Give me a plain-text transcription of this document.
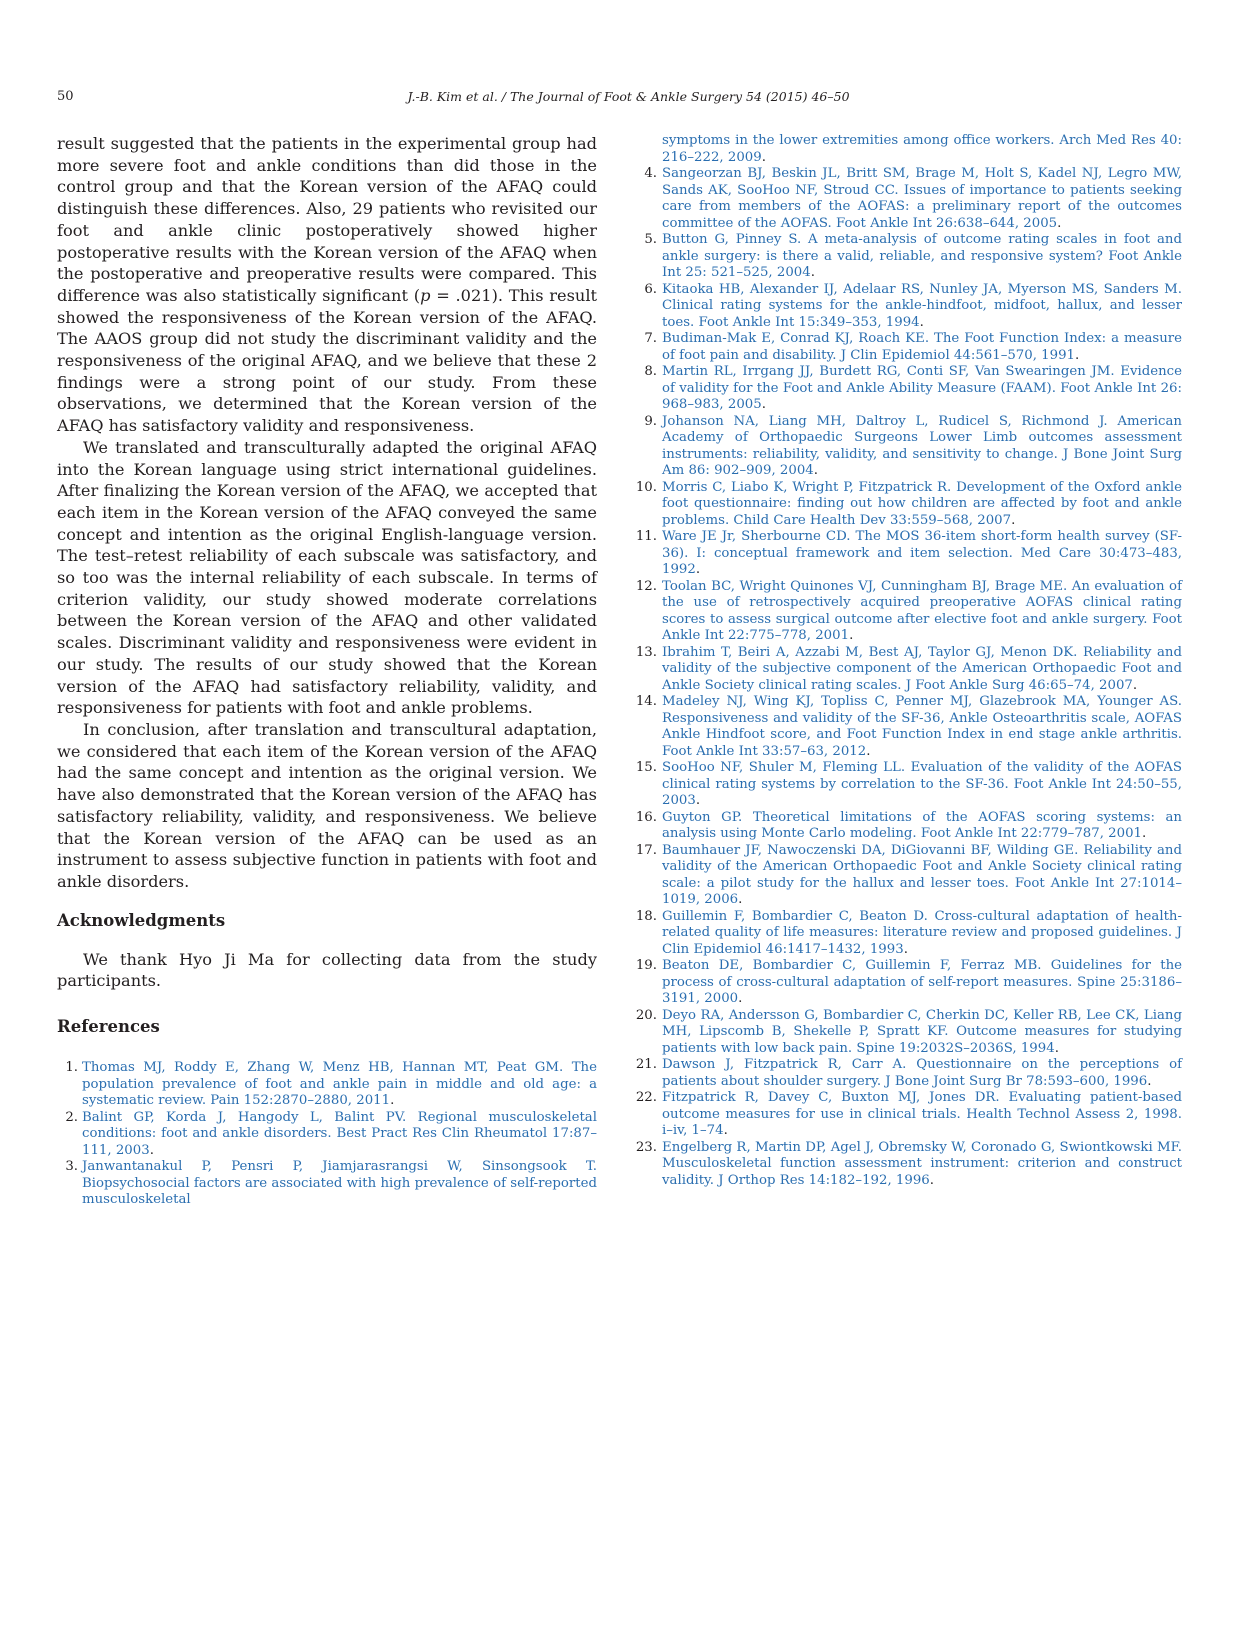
50	J.-B. Kim et al. / The Journal of Foot & Ankle Surgery 54 (2015) 46–50

result suggested that the patients in the experimental group had more severe foot and ankle conditions than did those in the control group and that the Korean version of the AFAQ could distinguish these differences. Also, 29 patients who revisited our foot and ankle clinic postoperatively showed higher postoperative results with the Korean version of the AFAQ when the postoperative and preoperative results were compared. This difference was also statistically significant (p = .021). This result showed the responsiveness of the Korean version of the AFAQ. The AAOS group did not study the discriminant validity and the responsiveness of the original AFAQ, and we believe that these 2 findings were a strong point of our study. From these observations, we determined that the Korean version of the AFAQ has satisfactory validity and responsiveness.

We translated and transculturally adapted the original AFAQ into the Korean language using strict international guidelines. After finalizing the Korean version of the AFAQ, we accepted that each item in the Korean version of the AFAQ conveyed the same concept and intention as the original English-language version. The test–retest reliability of each subscale was satisfactory, and so too was the internal reliability of each subscale. In terms of criterion validity, our study showed moderate correlations between the Korean version of the AFAQ and other validated scales. Discriminant validity and responsiveness were evident in our study. The results of our study showed that the Korean version of the AFAQ had satisfactory reliability, validity, and responsiveness for patients with foot and ankle problems.

In conclusion, after translation and transcultural adaptation, we considered that each item of the Korean version of the AFAQ had the same concept and intention as the original version. We have also demonstrated that the Korean version of the AFAQ has satisfactory reliability, validity, and responsiveness. We believe that the Korean version of the AFAQ can be used as an instrument to assess subjective function in patients with foot and ankle disorders.

Acknowledgments

We thank Hyo Ji Ma for collecting data from the study participants.

References
1. Thomas MJ, Roddy E, Zhang W, Menz HB, Hannan MT, Peat GM. The population prevalence of foot and ankle pain in middle and old age: a systematic review. Pain 152:2870–2880, 2011.
2. Balint GP, Korda J, Hangody L, Balint PV. Regional musculoskeletal conditions: foot and ankle disorders. Best Pract Res Clin Rheumatol 17:87–111, 2003.
3. Janwantanakul P, Pensri P, Jiamjarasrangsi W, Sinsongsook T. Biopsychosocial factors are associated with high prevalence of self-reported musculoskeletal
symptoms in the lower extremities among office workers. Arch Med Res 40: 216–222, 2009.
4. Sangeorzan BJ, Beskin JL, Britt SM, Brage M, Holt S, Kadel NJ, Legro MW, Sands AK, SooHoo NF, Stroud CC. Issues of importance to patients seeking care from members of the AOFAS: a preliminary report of the outcomes committee of the AOFAS. Foot Ankle Int 26:638–644, 2005.
5. Button G, Pinney S. A meta-analysis of outcome rating scales in foot and ankle surgery: is there a valid, reliable, and responsive system? Foot Ankle Int 25: 521–525, 2004.
6. Kitaoka HB, Alexander IJ, Adelaar RS, Nunley JA, Myerson MS, Sanders M. Clinical rating systems for the ankle-hindfoot, midfoot, hallux, and lesser toes. Foot Ankle Int 15:349–353, 1994.
7. Budiman-Mak E, Conrad KJ, Roach KE. The Foot Function Index: a measure of foot pain and disability. J Clin Epidemiol 44:561–570, 1991.
8. Martin RL, Irrgang JJ, Burdett RG, Conti SF, Van Swearingen JM. Evidence of validity for the Foot and Ankle Ability Measure (FAAM). Foot Ankle Int 26: 968–983, 2005.
9. Johanson NA, Liang MH, Daltroy L, Rudicel S, Richmond J. American Academy of Orthopaedic Surgeons Lower Limb outcomes assessment instruments: reliability, validity, and sensitivity to change. J Bone Joint Surg Am 86: 902–909, 2004.
10. Morris C, Liabo K, Wright P, Fitzpatrick R. Development of the Oxford ankle foot questionnaire: finding out how children are affected by foot and ankle problems. Child Care Health Dev 33:559–568, 2007.
11. Ware JE Jr, Sherbourne CD. The MOS 36-item short-form health survey (SF-36). I: conceptual framework and item selection. Med Care 30:473–483, 1992.
12. Toolan BC, Wright Quinones VJ, Cunningham BJ, Brage ME. An evaluation of the use of retrospectively acquired preoperative AOFAS clinical rating scores to assess surgical outcome after elective foot and ankle surgery. Foot Ankle Int 22:775–778, 2001.
13. Ibrahim T, Beiri A, Azzabi M, Best AJ, Taylor GJ, Menon DK. Reliability and validity of the subjective component of the American Orthopaedic Foot and Ankle Society clinical rating scales. J Foot Ankle Surg 46:65–74, 2007.
14. Madeley NJ, Wing KJ, Topliss C, Penner MJ, Glazebrook MA, Younger AS. Responsiveness and validity of the SF-36, Ankle Osteoarthritis scale, AOFAS Ankle Hindfoot score, and Foot Function Index in end stage ankle arthritis. Foot Ankle Int 33:57–63, 2012.
15. SooHoo NF, Shuler M, Fleming LL. Evaluation of the validity of the AOFAS clinical rating systems by correlation to the SF-36. Foot Ankle Int 24:50–55, 2003.
16. Guyton GP. Theoretical limitations of the AOFAS scoring systems: an analysis using Monte Carlo modeling. Foot Ankle Int 22:779–787, 2001.
17. Baumhauer JF, Nawoczenski DA, DiGiovanni BF, Wilding GE. Reliability and validity of the American Orthopaedic Foot and Ankle Society clinical rating scale: a pilot study for the hallux and lesser toes. Foot Ankle Int 27:1014–1019, 2006.
18. Guillemin F, Bombardier C, Beaton D. Cross-cultural adaptation of health-related quality of life measures: literature review and proposed guidelines. J Clin Epidemiol 46:1417–1432, 1993.
19. Beaton DE, Bombardier C, Guillemin F, Ferraz MB. Guidelines for the process of cross-cultural adaptation of self-report measures. Spine 25:3186–3191, 2000.
20. Deyo RA, Andersson G, Bombardier C, Cherkin DC, Keller RB, Lee CK, Liang MH, Lipscomb B, Shekelle P, Spratt KF. Outcome measures for studying patients with low back pain. Spine 19:2032S–2036S, 1994.
21. Dawson J, Fitzpatrick R, Carr A. Questionnaire on the perceptions of patients about shoulder surgery. J Bone Joint Surg Br 78:593–600, 1996.
22. Fitzpatrick R, Davey C, Buxton MJ, Jones DR. Evaluating patient-based outcome measures for use in clinical trials. Health Technol Assess 2, 1998. i–iv, 1–74.
23. Engelberg R, Martin DP, Agel J, Obremsky W, Coronado G, Swiontkowski MF. Musculoskeletal function assessment instrument: criterion and construct validity. J Orthop Res 14:182–192, 1996.
